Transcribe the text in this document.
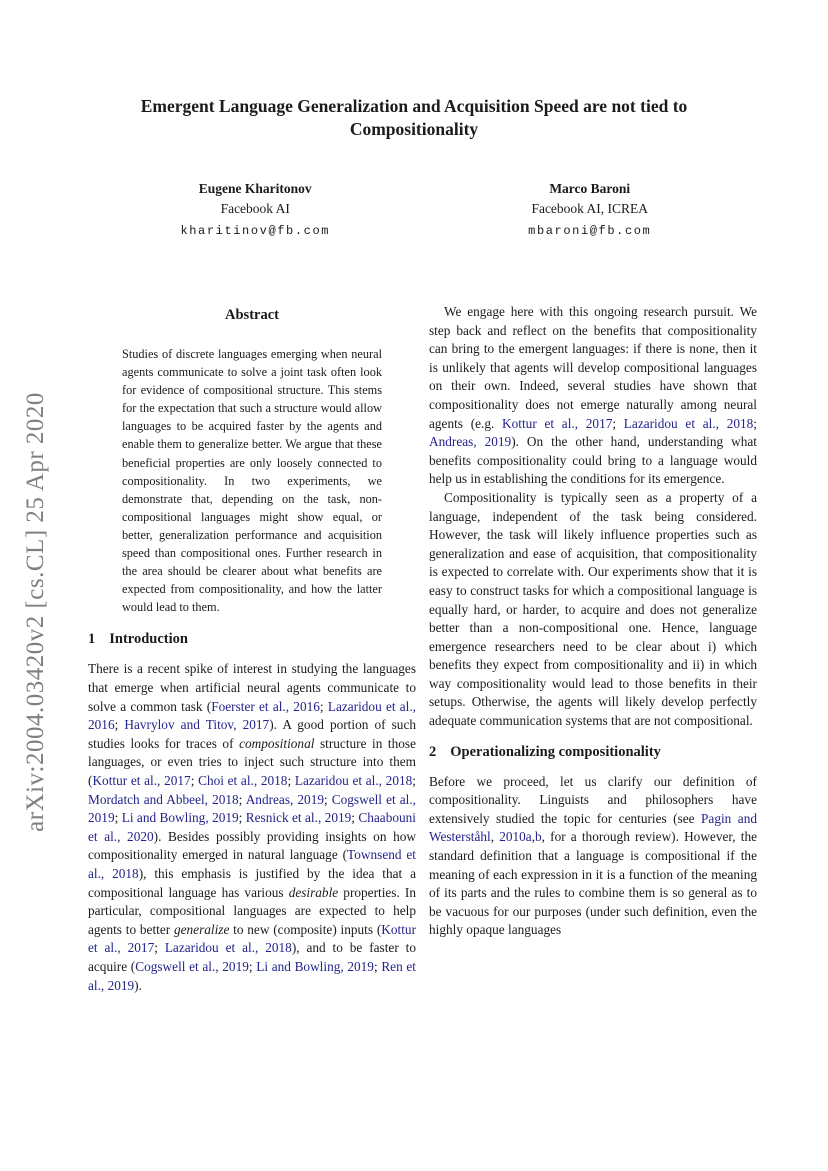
arXiv:2004.03420v2 [cs.CL] 25 Apr 2020
Emergent Language Generalization and Acquisition Speed are not tied to Compositionality
Eugene Kharitonov
Facebook AI
kharitinov@fb.com
Marco Baroni
Facebook AI, ICREA
mbaroni@fb.com
Abstract

Studies of discrete languages emerging when neural agents communicate to solve a joint task often look for evidence of compositional structure. This stems for the expectation that such a structure would allow languages to be acquired faster by the agents and enable them to generalize better. We argue that these beneficial properties are only loosely connected to compositionality. In two experiments, we demonstrate that, depending on the task, non-compositional languages might show equal, or better, generalization performance and acquisition speed than compositional ones. Further research in the area should be clearer about what benefits are expected from compositionality, and how the latter would lead to them.

1 Introduction

There is a recent spike of interest in studying the languages that emerge when artificial neural agents communicate to solve a common task (Foerster et al., 2016; Lazaridou et al., 2016; Havrylov and Titov, 2017). A good portion of such studies looks for traces of compositional structure in those languages, or even tries to inject such structure into them (Kottur et al., 2017; Choi et al., 2018; Lazaridou et al., 2018; Mordatch and Abbeel, 2018; Andreas, 2019; Cogswell et al., 2019; Li and Bowling, 2019; Resnick et al., 2019; Chaabouni et al., 2020). Besides possibly providing insights on how compositionality emerged in natural language (Townsend et al., 2018), this emphasis is justified by the idea that a compositional language has various desirable properties. In particular, compositional languages are expected to help agents to better generalize to new (composite) inputs (Kottur et al., 2017; Lazaridou et al., 2018), and to be faster to acquire (Cogswell et al., 2019; Li and Bowling, 2019; Ren et al., 2019).

We engage here with this ongoing research pursuit. We step back and reflect on the benefits that compositionality can bring to the emergent languages: if there is none, then it is unlikely that agents will develop compositional languages on their own. Indeed, several studies have shown that compositionality does not emerge naturally among neural agents (e.g. Kottur et al., 2017; Lazaridou et al., 2018; Andreas, 2019). On the other hand, understanding what benefits compositionality could bring to a language would help us in establishing the conditions for its emergence.

Compositionality is typically seen as a property of a language, independent of the task being considered. However, the task will likely influence properties such as generalization and ease of acquisition, that compositionality is expected to correlate with. Our experiments show that it is easy to construct tasks for which a compositional language is equally hard, or harder, to acquire and does not generalize better than a non-compositional one. Hence, language emergence researchers need to be clear about i) which benefits they expect from compositionality and ii) in which way compositionality would lead to those benefits in their setups. Otherwise, the agents will likely develop perfectly adequate communication systems that are not compositional.

2 Operationalizing compositionality

Before we proceed, let us clarify our definition of compositionality. Linguists and philosophers have extensively studied the topic for centuries (see Pagin and Westerståhl, 2010a,b, for a thorough review). However, the standard definition that a language is compositional if the meaning of each expression in it is a function of the meaning of its parts and the rules to combine them is so general as to be vacuous for our purposes (under such definition, even the highly opaque languages
